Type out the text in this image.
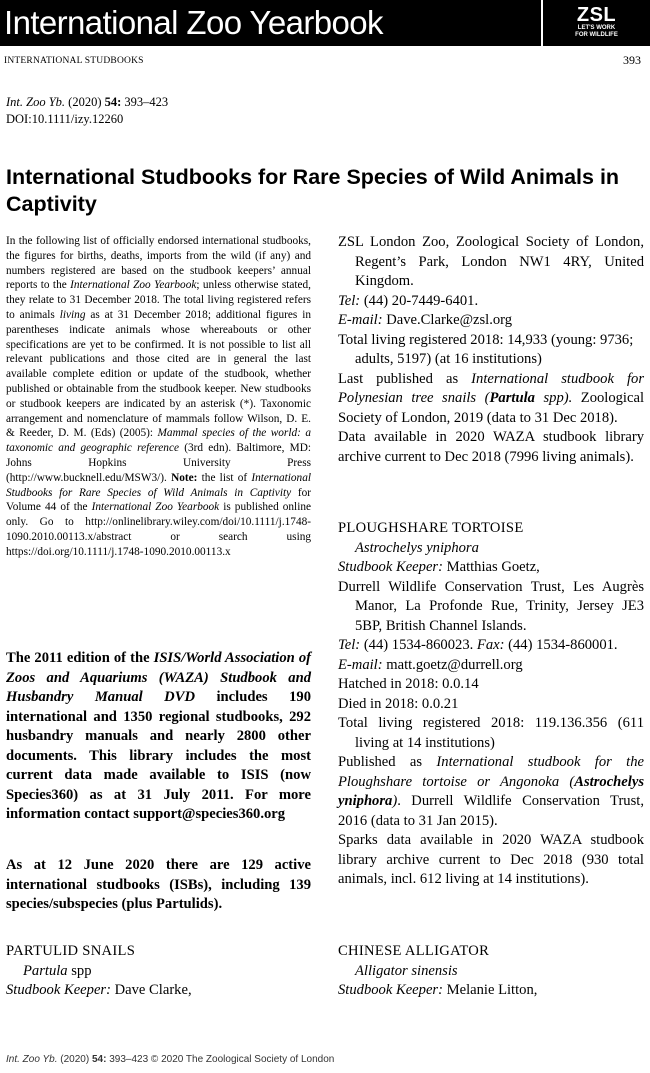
International Zoo Yearbook	ZSL
LET'S WORK
FOR WILDLIFE
INTERNATIONAL STUDBOOKS	393
Int. Zoo Yb. (2020) 54: 393–423
DOI:10.1111/izy.12260
International Studbooks for Rare Species of Wild Animals in Captivity

In the following list of officially endorsed international studbooks, the figures for births, deaths, imports from the wild (if any) and numbers registered are based on the studbook keepers’ annual reports to the International Zoo Yearbook; unless otherwise stated, they relate to 31 December 2018. The total living registered refers to animals living as at 31 December 2018; additional figures in parentheses indicate animals whose whereabouts or other specifications are yet to be confirmed. It is not possible to list all relevant publications and those cited are in general the last available complete edition or update of the studbook, whether published or obtainable from the studbook keeper. New studbooks or studbook keepers are indicated by an asterisk (*). Taxonomic arrangement and nomenclature of mammals follow Wilson, D. E. & Reeder, D. M. (Eds) (2005): Mammal species of the world: a taxonomic and geographic reference (3rd edn). Baltimore, MD: Johns Hopkins University Press (http://www.bucknell.edu/MSW3/). Note: the list of International Studbooks for Rare Species of Wild Animals in Captivity for Volume 44 of the International Zoo Yearbook is published online only. Go to http://onlinelibrary.wiley.com/doi/10.1111/j.1748-1090.2010.00113.x/abstract or search using https://doi.org/10.1111/j.1748-1090.2010.00113.x

The 2011 edition of the ISIS/World Association of Zoos and Aquariums (WAZA) Studbook and Husbandry Manual DVD includes 190 international and 1350 regional studbooks, 292 husbandry manuals and nearly 2800 other documents. This library includes the most current data made available to ISIS (now Species360) as at 31 July 2011. For more information contact support@species360.org

As at 12 June 2020 there are 129 active international studbooks (ISBs), including 139 species/subspecies (plus Partulids).

PARTULID SNAILS

Partula spp

Studbook Keeper: Dave Clarke,

ZSL London Zoo, Zoological Society of London, Regent’s Park, London NW1 4RY, United Kingdom.

Tel: (44) 20-7449-6401.

E-mail: Dave.Clarke@zsl.org

Total living registered 2018: 14,933 (young: 9736; adults, 5197) (at 16 institutions)

Last published as International studbook for Polynesian tree snails (Partula spp). Zoological Society of London, 2019 (data to 31 Dec 2018).

Data available in 2020 WAZA studbook library archive current to Dec 2018 (7996 living animals).

PLOUGHSHARE TORTOISE

Astrochelys yniphora

Studbook Keeper: Matthias Goetz,

Durrell Wildlife Conservation Trust, Les Augrès Manor, La Profonde Rue, Trinity, Jersey JE3 5BP, British Channel Islands.

Tel: (44) 1534-860023. Fax: (44) 1534-860001.

E-mail: matt.goetz@durrell.org

Hatched in 2018: 0.0.14

Died in 2018: 0.0.21

Total living registered 2018: 119.136.356 (611 living at 14 institutions)

Published as International studbook for the Ploughshare tortoise or Angonoka (Astrochelys yniphora). Durrell Wildlife Conservation Trust, 2016 (data to 31 Jan 2015).

Sparks data available in 2020 WAZA studbook library archive current to Dec 2018 (930 total animals, incl. 612 living at 14 institutions).

CHINESE ALLIGATOR

Alligator sinensis

Studbook Keeper: Melanie Litton,

Int. Zoo Yb. (2020) 54: 393–423 © 2020 The Zoological Society of London
